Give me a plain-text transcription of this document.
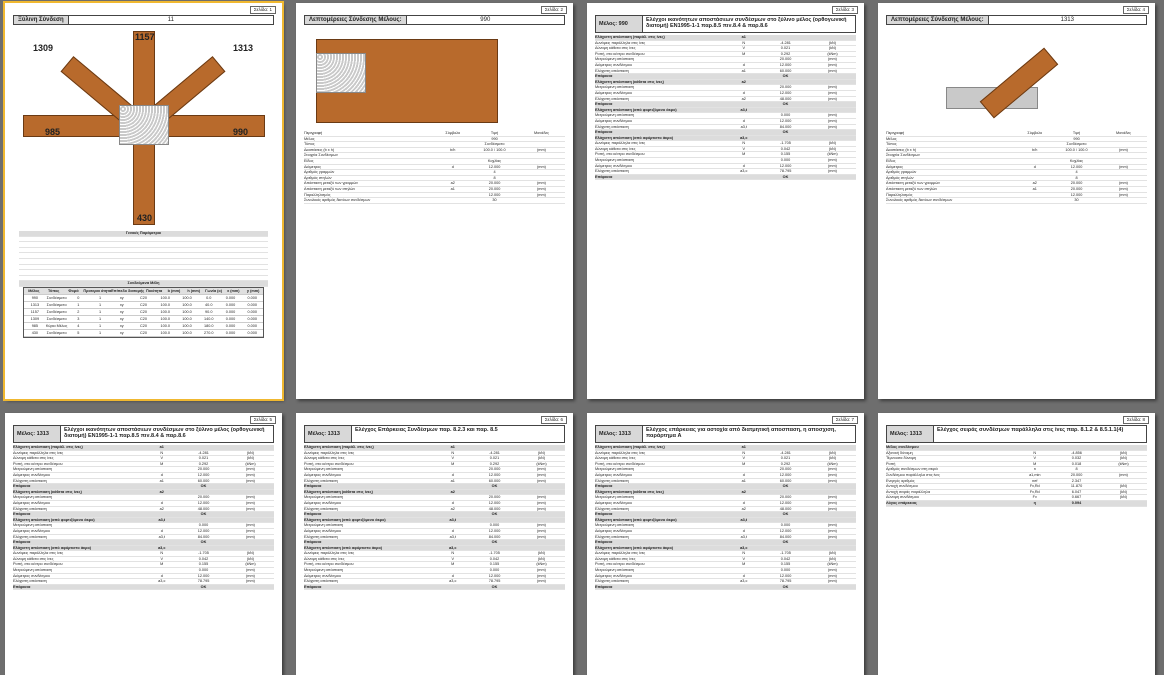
Σελίδα: 1
Ξύλινη Σύνδεση	11
1309
1157
1313
985	990
430
Γενικές Παράμετροι
Συνδεόμενα Μέλη
Μέλος	Τύπος	Φορά	Προτεραι ότητα Επίπεδο διατομής Ποιότητα	b (mm)	h (mm)	Γωνία (ο)	x (mm)	y (mm)
990	Συνδέσμετο	0	1	xy	C20	100.0	100.0	0.0	0.000	0.000
1313	Συνδέσμετο	1	1	xy	C20	100.0	100.0	40.0	0.000	0.000
1157	Συνδέσμετο	2	1	xy	C20	100.0	100.0	90.0	0.000	0.000
1309	Συνδέσμετο	3	1	xy	C20	100.0	100.0	140.0	0.000	0.000
985	Κύριο Μέλος	4	1	xy	C20	100.0	100.0	180.0	0.000	0.000
430	Συνδέσμετο	5	1	xy	C20	100.0	100.0	270.0	0.000	0.000
Σελίδα: 2
Λεπτομέρειες Σύνδεσης Μέλους:	990
Περιγραφή	Σύμβολο	Τιμή	Μονάδες
Μέλος	990
Τύπος	Συνδέσμετο
Διαστάσεις (b x h)	b/h	100.0 / 100.0	(mm)
Στοιχεία Συνδέσμων
Είδος	Κοχλίας
Διάμετρος	d	12.000	(mm)
Αριθμός γραμμών	4
Αριθμός στηλών	8
Απόσταση μεταξύ των γραμμών	a2	20.000	(mm)
Απόσταση μεταξύ των στηλών	a1	20.000	(mm)
Παραλληλισμός	12.000	(mm)
Συνολικός αριθμός δικτύων συνδέσμων	30
Σελίδα: 3
Μέλος:
990
Ελέγχοι ικανότητων αποστάσεων συνδέσμων στο ξύλινο μέλος (ορθογωνική διατομή) EN1995-1-1 παρ.8.5 πιν.8.4 & παρ.8.6
Ελάχιστη απόσταση (παράλ. στις ίνες)	a1
Δυνάμεις παράλληλα στις ίνες	N	-4.281	(kN)
Δύναμη κάθετα στις ίνες	V	0.021	(kN)
Ροπή, στο κέντρο συνδέσμου	M	0.292	(kNm)
Μετρούμενη απόσταση	20.000	(mm)
Διάμετρος συνδέσμου	d	12.000	(mm)
Ελάχιστη απόσταση	a1	60.000	(mm)
Επάρκεια	OK
Ελάχιστη απόσταση (κάθετα στις ίνες)	a2
Μετρούμενη απόσταση	20.000	(mm)
Διάμετρος συνδέσμου	d	12.000	(mm)
Ελάχιστη απόσταση	a2	48.000	(mm)
Επάρκεια	OK
Ελάχιστη απόσταση (από φορτιζόμενο άκρο)	a3,t
Μετρούμενη απόσταση	0.000	(mm)
Διάμετρος συνδέσμου	d	12.000	(mm)
Ελάχιστη απόσταση	a3,t	84.000	(mm)
Επάρκεια	OK
Ελάχιστη απόσταση (από αφόρτιστο άκρο)	a3,c
Δυνάμεις παράλληλα στις ίνες	N	-1.705	(kN)
Δύναμη κάθετα στις ίνες	V	0.042	(kN)
Ροπή, στο κέντρο συνδέσμου	M	0.155	(kNm)
Μετρούμενη απόσταση	0.000	(mm)
Διάμετρος συνδέσμου	d	12.000	(mm)
Ελάχιστη απόσταση	a3,c	78.795	(mm)
Επάρκεια	OK
Σελίδα: 4
Λεπτομέρειες Σύνδεσης Μέλους:	1313
Περιγραφή	Σύμβολο	Τιμή	Μονάδες
Μέλος	990
Τύπος	Συνδέσμετο
Διαστάσεις (b x h)	b/h	100.0 / 100.0	(mm)
Στοιχεία Συνδέσμων
Είδος	Κοχλίας
Διάμετρος	d	12.000	(mm)
Αριθμός γραμμών	4
Αριθμός στηλών	8
Απόσταση μεταξύ των γραμμών	a2	20.000	(mm)
Απόσταση μεταξύ των στηλών	a1	20.000	(mm)
Παραλληλισμός	12.000	(mm)
Συνολικός αριθμός δικτύων συνδέσμων	30
Σελίδα: 5
Μέλος:
1313
Ελέγχοι ικανότητων αποστάσεων συνδέσμων στο ξύλινο μέλος (ορθογωνική διατομή) EN1995-1-1 παρ.8.5 πιν.8.4 & παρ.8.6
Ελάχιστη απόσταση (παράλ. στις ίνες)	a1
Δυνάμεις παράλληλα στις ίνες	N	-4.281	(kN)
Δύναμη κάθετα στις ίνες	V	0.021	(kN)
Ροπή, στο κέντρο συνδέσμου	M	0.292	(kNm)
Μετρούμενη απόσταση	20.000	(mm)
Διάμετρος συνδέσμου	d	12.000	(mm)
Ελάχιστη απόσταση	a1	60.000	(mm)
Επάρκεια	OK
Ελάχιστη απόσταση (κάθετα στις ίνες)	a2
Μετρούμενη απόσταση	20.000	(mm)
Διάμετρος συνδέσμου	d	12.000	(mm)
Ελάχιστη απόσταση	a2	48.000	(mm)
Επάρκεια	OK
Ελάχιστη απόσταση (από φορτιζόμενο άκρο)	a3,t
Μετρούμενη απόσταση	0.000	(mm)
Διάμετρος συνδέσμου	d	12.000	(mm)
Ελάχιστη απόσταση	a3,t	84.000	(mm)
Επάρκεια	OK
Ελάχιστη απόσταση (από αφόρτιστο άκρο)	a3,c
Δυνάμεις παράλληλα στις ίνες	N	-1.705	(kN)
Δύναμη κάθετα στις ίνες	V	0.042	(kN)
Ροπή, στο κέντρο συνδέσμου	M	0.155	(kNm)
Μετρούμενη απόσταση	0.000	(mm)
Διάμετρος συνδέσμου	d	12.000	(mm)
Ελάχιστη απόσταση	a3,c	78.795	(mm)
Επάρκεια	OK
Σελίδα: 6
Μέλος:
1313
Ελέγχος Επάρκειας Συνδέσμων παρ. 8.2.3 και παρ. 8.5
Ελάχιστη απόσταση (παράλ. στις ίνες)	a1
Δυνάμεις παράλληλα στις ίνες	N	-4.281	(kN)
Δύναμη κάθετα στις ίνες	V	0.021	(kN)
Ροπή, στο κέντρο συνδέσμου	M	0.292	(kNm)
Μετρούμενη απόσταση	20.000	(mm)
Διάμετρος συνδέσμου	d	12.000	(mm)
Ελάχιστη απόσταση	a1	60.000	(mm)
Επάρκεια	OK
Ελάχιστη απόσταση (κάθετα στις ίνες)	a2
Μετρούμενη απόσταση	20.000	(mm)
Διάμετρος συνδέσμου	d	12.000	(mm)
Ελάχιστη απόσταση	a2	48.000	(mm)
Επάρκεια	OK
Ελάχιστη απόσταση (από φορτιζόμενο άκρο)	a3,t
Μετρούμενη απόσταση	0.000	(mm)
Διάμετρος συνδέσμου	d	12.000	(mm)
Ελάχιστη απόσταση	a3,t	84.000	(mm)
Επάρκεια	OK
Ελάχιστη απόσταση (από αφόρτιστο άκρο)	a3,c
Δυνάμεις παράλληλα στις ίνες	N	-1.705	(kN)
Δύναμη κάθετα στις ίνες	V	0.042	(kN)
Ροπή, στο κέντρο συνδέσμου	M	0.155	(kNm)
Μετρούμενη απόσταση	0.000	(mm)
Διάμετρος συνδέσμου	d	12.000	(mm)
Ελάχιστη απόσταση	a3,c	78.795	(mm)
Επάρκεια	OK
Σελίδα: 7
Μέλος:
1313
Ελέγχος επάρκειας για αστοχία από διατμητική αποσπαση, η αποσχιση, παράρτημα A
Ελάχιστη απόσταση (παράλ. στις ίνες)	a1
Δυνάμεις παράλληλα στις ίνες	N	-4.281	(kN)
Δύναμη κάθετα στις ίνες	V	0.021	(kN)
Ροπή, στο κέντρο συνδέσμου	M	0.292	(kNm)
Μετρούμενη απόσταση	20.000	(mm)
Διάμετρος συνδέσμου	d	12.000	(mm)
Ελάχιστη απόσταση	a1	60.000	(mm)
Επάρκεια	OK
Ελάχιστη απόσταση (κάθετα στις ίνες)	a2
Μετρούμενη απόσταση	20.000	(mm)
Διάμετρος συνδέσμου	d	12.000	(mm)
Ελάχιστη απόσταση	a2	48.000	(mm)
Επάρκεια	OK
Ελάχιστη απόσταση (από φορτιζόμενο άκρο)	a3,t
Μετρούμενη απόσταση	0.000	(mm)
Διάμετρος συνδέσμου	d	12.000	(mm)
Ελάχιστη απόσταση	a3,t	84.000	(mm)
Επάρκεια	OK
Ελάχιστη απόσταση (από αφόρτιστο άκρο)	a3,c
Δυνάμεις παράλληλα στις ίνες	N	-1.705	(kN)
Δύναμη κάθετα στις ίνες	V	0.042	(kN)
Ροπή, στο κέντρο συνδέσμου	M	0.155	(kNm)
Μετρούμενη απόσταση	0.000	(mm)
Διάμετρος συνδέσμου	d	12.000	(mm)
Ελάχιστη απόσταση	a3,c	78.795	(mm)
Επάρκεια	OK
Σελίδα: 8
Μέλος:
1313
Ελέγχος σειράς συνδέσμων παράλληλα στις ίνες παρ. 8.1.2 & 8.5.1.1(4)
Μέλος συνδέσμου
Αξονική δύναμη	N	-4.856	(kN)
Τέμνουσα δύναμη	V	0.032	(kN)
Ροπή	M	0.018	(kNm)
Αριθμός συνδέσμων στη σειρά	n	8
Συνδέσμου παράλληλα στις ίνες	a1,min	20.000	(mm)
Ενεργός αριθμός	nef	2.347
Αντοχή συνδέσμου	Fv,Rd	11.870	(kN)
Αντοχή σειράς παράλληλα	Fv,Rd	6.047	(kN)
Δύναμη συνδέσμου	Fv	0.667	(kN)
Λόγος επάρκειας	η	0.094
